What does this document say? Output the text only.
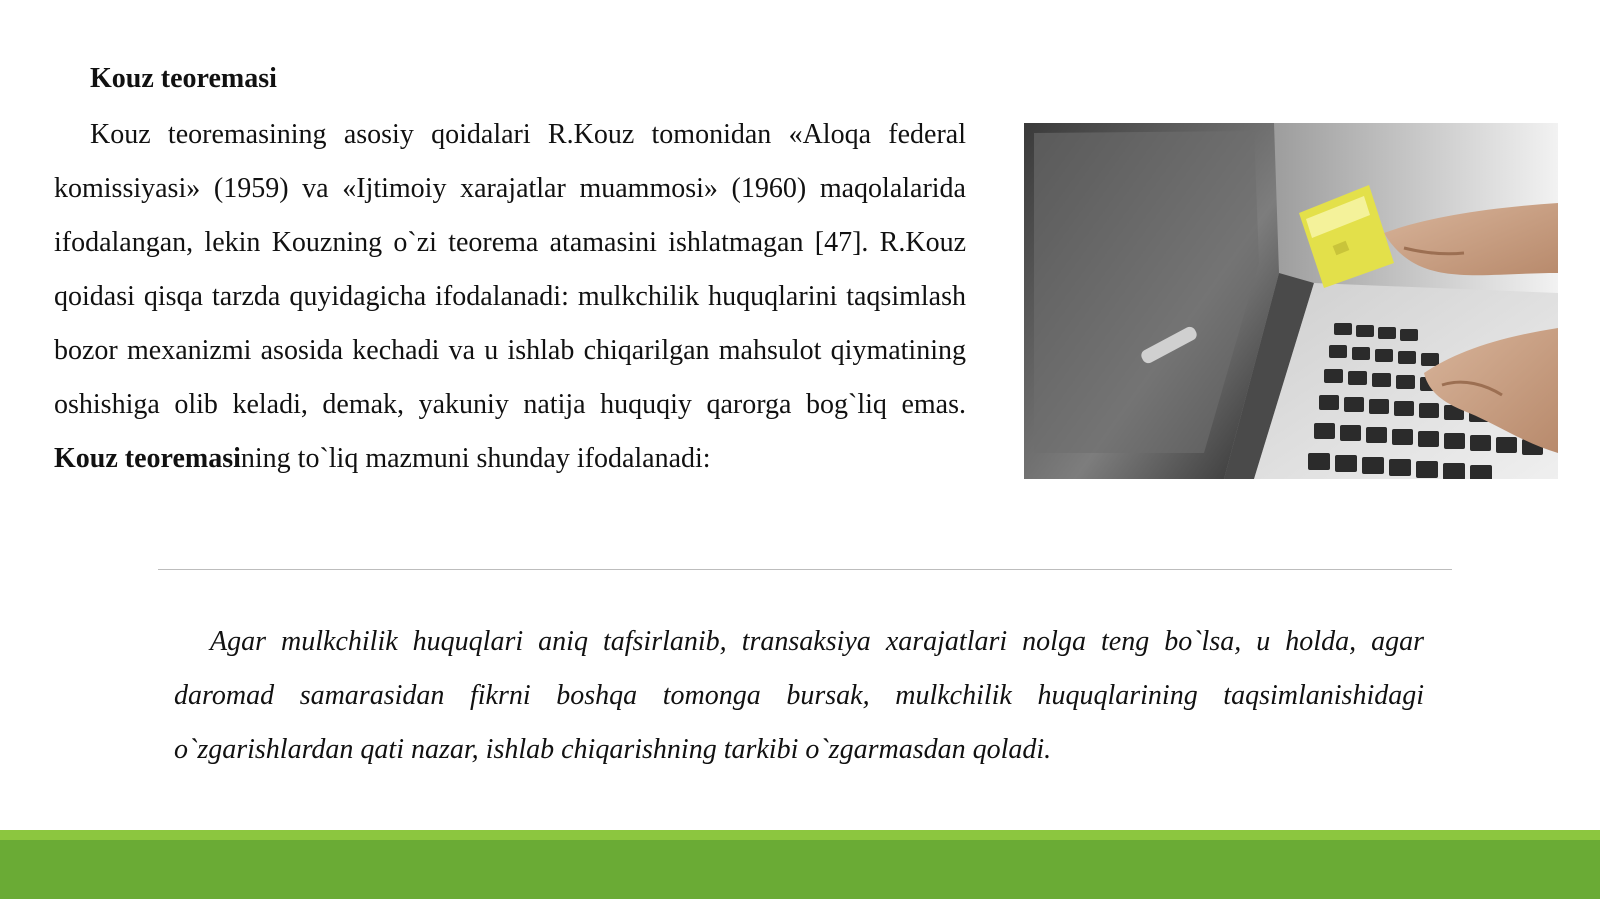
Kouz teoremasi

Kouz teoremasining asosiy qoidalari R.Kouz tomonidan «Aloqa federal komissiyasi» (1959) va «Ijtimoiy xarajatlar muammosi» (1960) maqolalarida ifodalangan, lekin Kouzning o`zi teorema atamasini ishlatmagan [47]. R.Kouz qoidasi qisqa tarzda quyidagicha ifodalanadi: mulkchilik huquqlarini taqsimlash bozor mexanizmi asosida kechadi va u ishlab chiqarilgan mahsulot qiymatining oshishiga olib keladi, demak, yakuniy natija huquqiy qarorga bog`liq emas. Kouz teoremasining to`liq mazmuni shunday ifodalanadi:

Agar mulkchilik huquqlari aniq tafsirlanib, transaksiya xarajatlari nolga teng bo`lsa, u holda, agar daromad samarasidan fikrni boshqa tomonga bursak, mulkchilik huquqlarining taqsimlanishidagi o`zgarishlardan qati nazar, ishlab chiqarishning tarkibi o`zgarmasdan qoladi.
